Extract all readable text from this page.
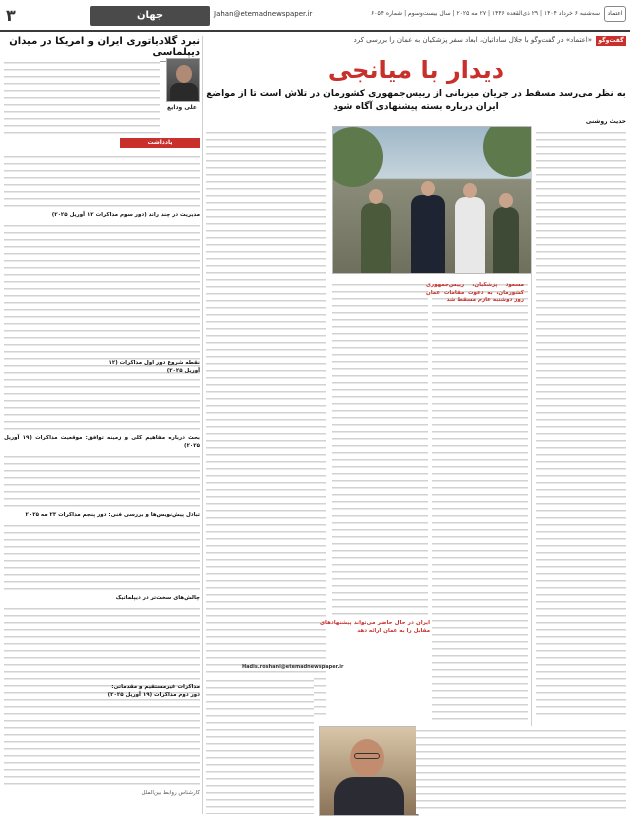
۳	جهان	Jahan@etemadnewspaper.ir	سه‌شنبه ۶ خرداد ۱۴۰۴ | ۲۹ ذی‌القعده ۱۴۴۶ | ۲۷ مه ۲۰۲۵ | سال بیست‌وسوم | شماره ۶۰۵۴	اعتماد
نبرد گلادیاتوری ایران و امریکا در میدان دیپلماسی
علی ودایع
یادداشت
مدیریت در چند راند (دور سوم مذاکرات ۱۲ آوریل ۲۰۲۵)
بحث درباره مفاهیم کلی و زمینه توافق: موقعیت مذاکرات (۱۹ آوریل ۲۰۲۵)
تبادل پیش‌نویس‌ها و بررسی فنی: دور پنجم مذاکرات ۲۳ مه ۲۰۲۵
چالش‌های سخت‌تر در دیپلماتیک
کارشناس روابط بین‌الملل
نقطه شروع دور اول مذاکرات (۱۲ آوریل ۲۰۲۵)
مذاکرات غیرمستقیم و مقدماتی: دور دوم مذاکرات (۱۹ آوریل ۲۰۲۵)
گفت‌وگو
«اعتماد» در گفت‌وگو با جلال ساداتیان، ابعاد سفر پزشکیان به عمان را بررسی کرد
دیدار با میانجی
به نظر می‌رسد مسقط در جریان میزبانی از رییس‌جمهوری کشورمان در تلاش است تا از مواضع ایران درباره بسته پیشنهادی آگاه شود
حدیث روشنی
ایران در حال حاضر می‌تواند پیشنهادهای مقابل را به عمان ارائه دهد
مسعود پزشکیان، رییس‌جمهوری کشورمان، به دعوت مقامات عمان روز دوشنبه عازم مسقط شد
Hadis.roshani@etemadnewspaper.ir
